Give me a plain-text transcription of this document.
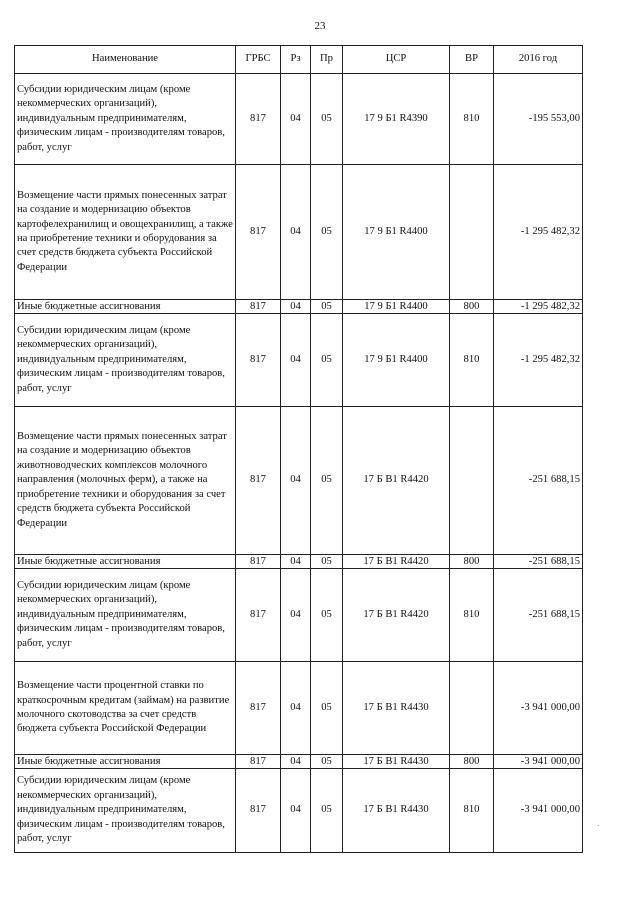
23
Наименование	ГРБС	Рз	Пр	ЦСР	ВР	2016 год
Субсидии юридическим лицам (кроме некоммерческих организаций), индивидуальным предпринимателям, физическим лицам - производителям товаров, работ, услуг	817	04	05	17 9 Б1 R4390	810	-195 553,00
Возмещение части прямых понесенных затрат на создание и модернизацию объектов картофелехранилищ и овощехранилищ, а также на приобретение техники и оборудования за счет средств бюджета субъекта Российской Федерации	817	04	05	17 9 Б1 R4400		-1 295 482,32
Иные бюджетные ассигнования	817	04	05	17 9 Б1 R4400	800	-1 295 482,32
Субсидии юридическим лицам (кроме некоммерческих организаций), индивидуальным предпринимателям, физическим лицам - производителям товаров, работ, услуг	817	04	05	17 9 Б1 R4400	810	-1 295 482,32
Возмещение части прямых понесенных затрат на создание и модернизацию объектов животноводческих комплексов молочного направления (молочных ферм), а также на приобретение техники и оборудования за счет средств бюджета субъекта Российской Федерации	817	04	05	17 Б В1 R4420		-251 688,15
Иные бюджетные ассигнования	817	04	05	17 Б В1 R4420	800	-251 688,15
Субсидии юридическим лицам (кроме некоммерческих организаций), индивидуальным предпринимателям, физическим лицам - производителям товаров, работ, услуг	817	04	05	17 Б В1 R4420	810	-251 688,15
Возмещение части процентной ставки по краткосрочным кредитам (займам) на развитие молочного скотоводства за счет средств бюджета субъекта Российской Федерации	817	04	05	17 Б В1 R4430		-3 941 000,00
Иные бюджетные ассигнования	817	04	05	17 Б В1 R4430	800	-3 941 000,00
Субсидии юридическим лицам (кроме некоммерческих организаций), индивидуальным предпринимателям, физическим лицам - производителям товаров, работ, услуг	817	04	05	17 Б В1 R4430	810	-3 941 000,00
.
